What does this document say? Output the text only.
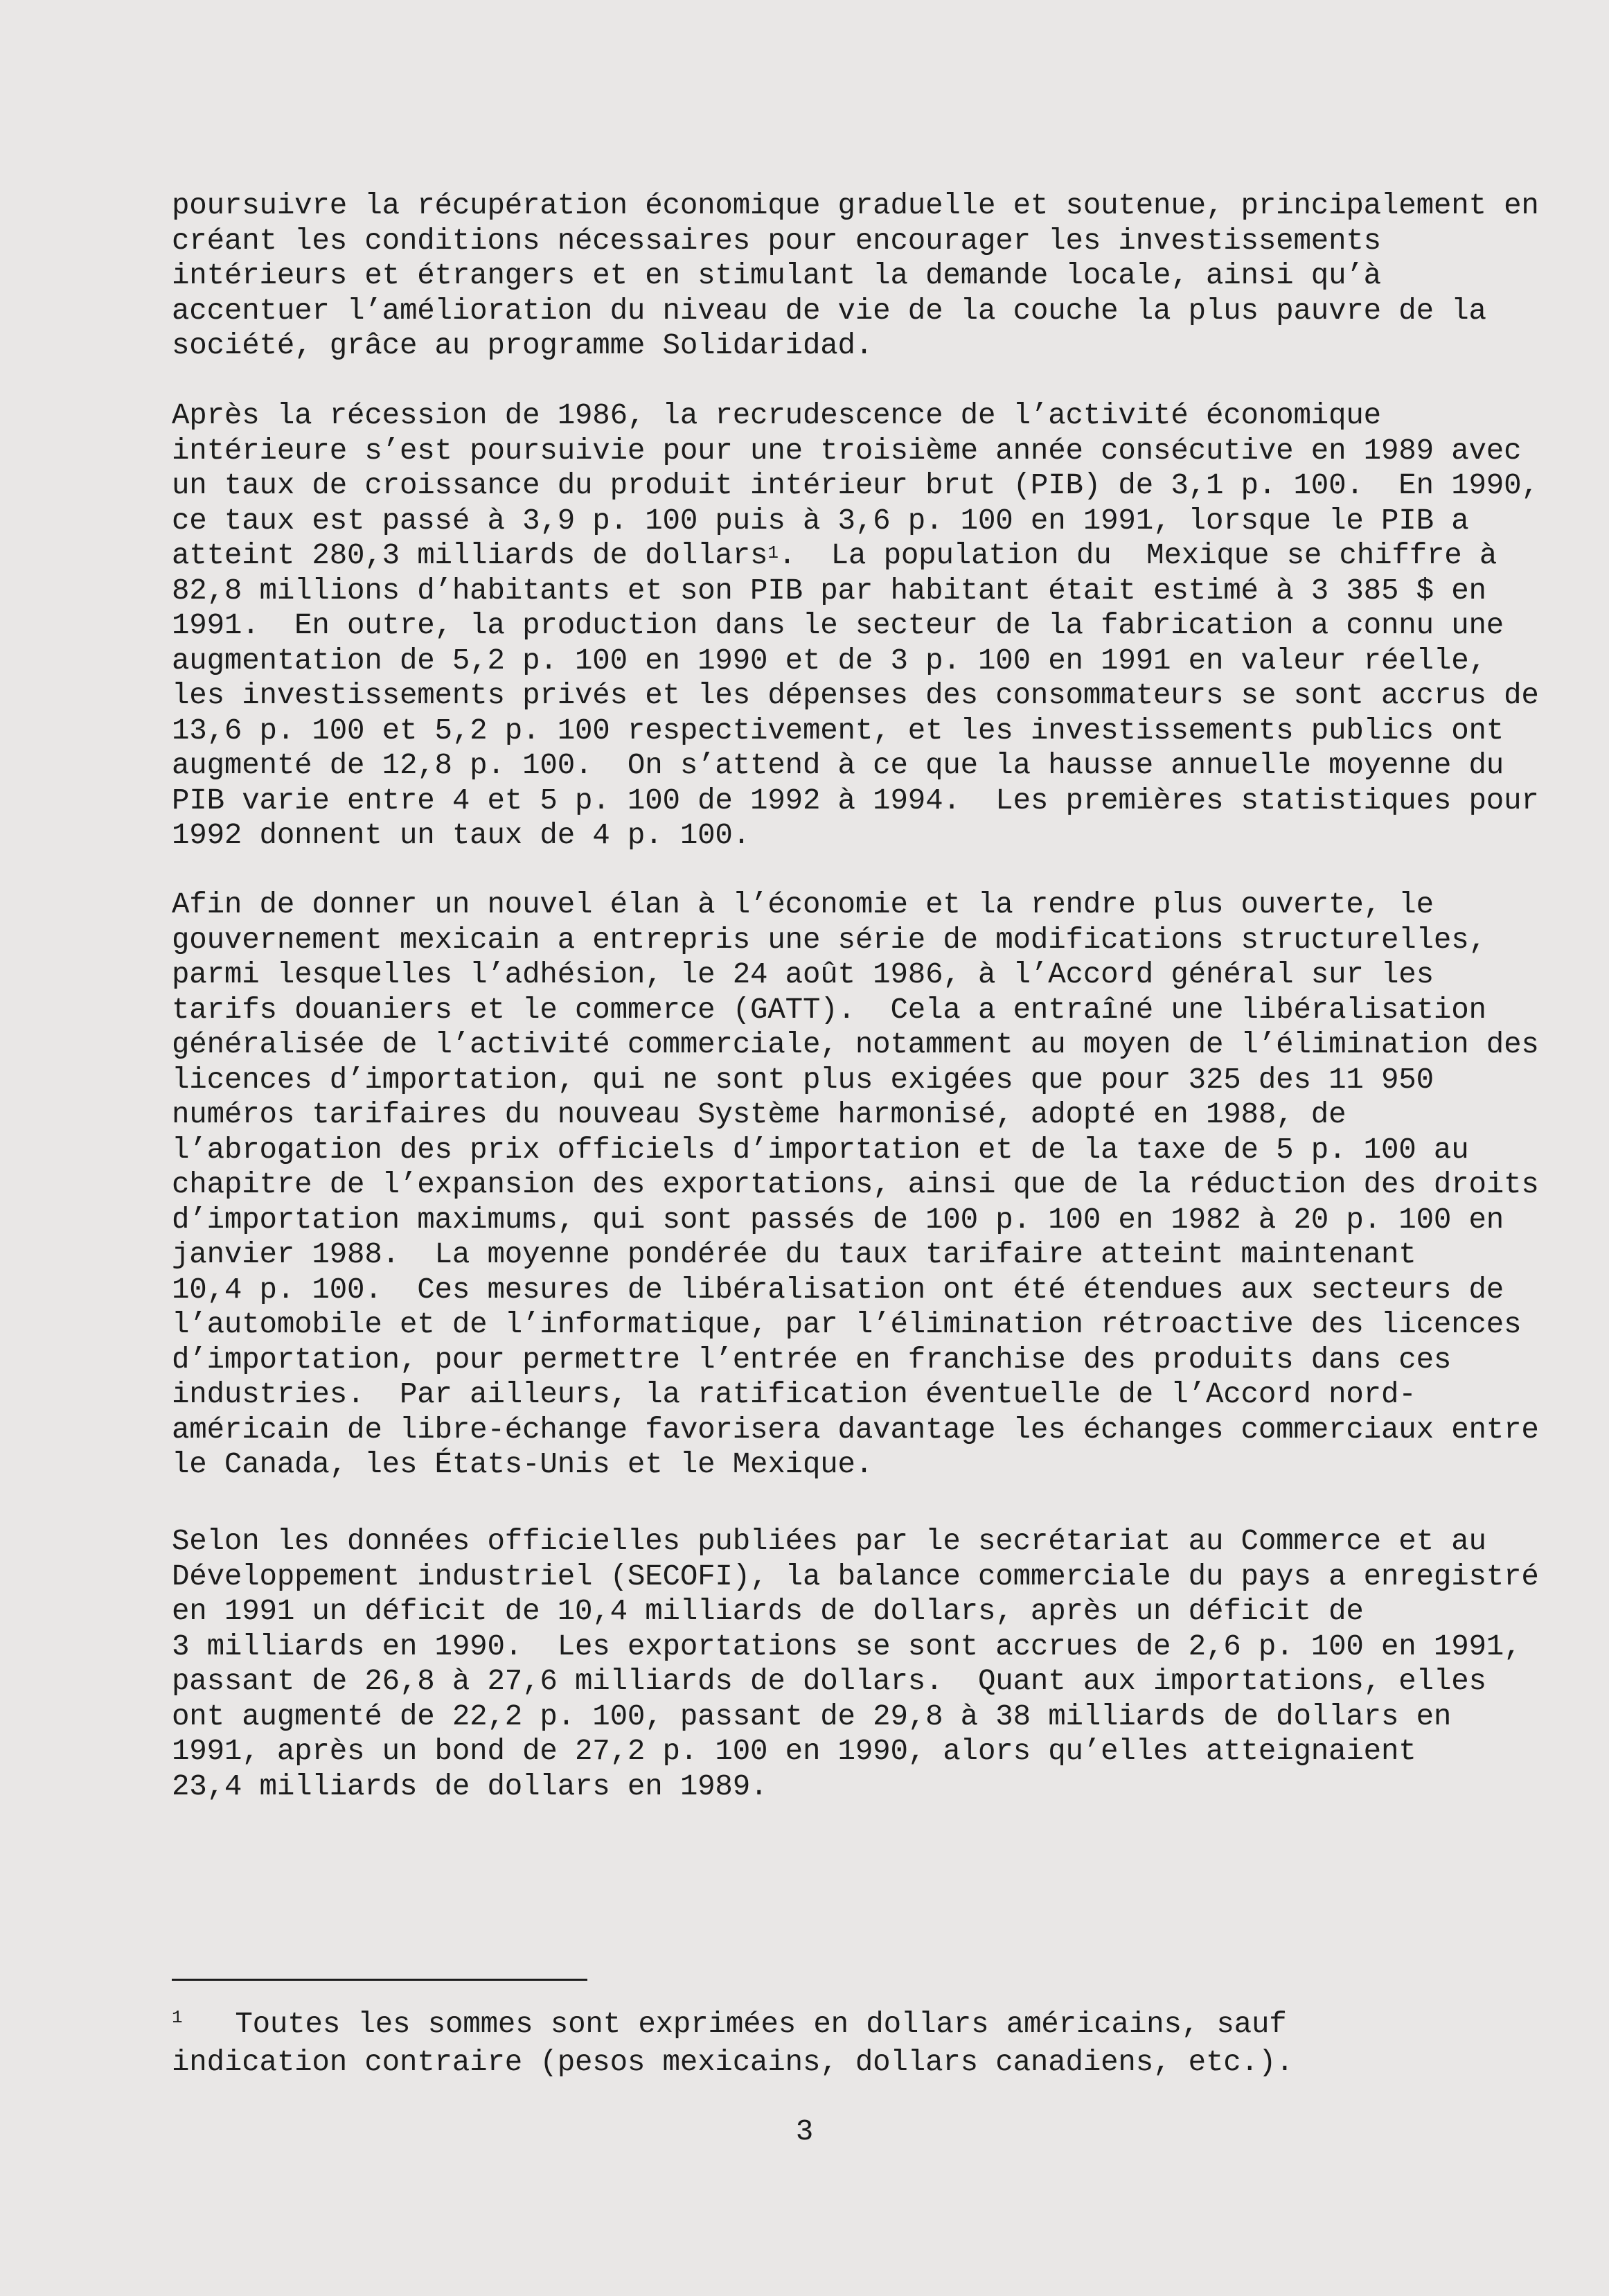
poursuivre la récupération économique graduelle et soutenue, principalement en
créant les conditions nécessaires pour encourager les investissements
intérieurs et étrangers et en stimulant la demande locale, ainsi qu’à
accentuer l’amélioration du niveau de vie de la couche la plus pauvre de la
société, grâce au programme Solidaridad.
Après la récession de 1986, la recrudescence de l’activité économique
intérieure s’est poursuivie pour une troisième année consécutive en 1989 avec
un taux de croissance du produit intérieur brut (PIB) de 3,1 p. 100.  En 1990,
ce taux est passé à 3,9 p. 100 puis à 3,6 p. 100 en 1991, lorsque le PIB a
atteint 280,3 milliards de dollars$^1$.  La population du  Mexique se chiffre à
82,8 millions d’habitants et son PIB par habitant était estimé à 3 385 $ en
1991.  En outre, la production dans le secteur de la fabrication a connu une
augmentation de 5,2 p. 100 en 1990 et de 3 p. 100 en 1991 en valeur réelle,
les investissements privés et les dépenses des consommateurs se sont accrus de
13,6 p. 100 et 5,2 p. 100 respectivement, et les investissements publics ont
augmenté de 12,8 p. 100.  On s’attend à ce que la hausse annuelle moyenne du
PIB varie entre 4 et 5 p. 100 de 1992 à 1994.  Les premières statistiques pour
1992 donnent un taux de 4 p. 100.
Afin de donner un nouvel élan à l’économie et la rendre plus ouverte, le
gouvernement mexicain a entrepris une série de modifications structurelles,
parmi lesquelles l’adhésion, le 24 août 1986, à l’Accord général sur les
tarifs douaniers et le commerce (GATT).  Cela a entraîné une libéralisation
généralisée de l’activité commerciale, notamment au moyen de l’élimination des
licences d’importation, qui ne sont plus exigées que pour 325 des 11 950
numéros tarifaires du nouveau Système harmonisé, adopté en 1988, de
l’abrogation des prix officiels d’importation et de la taxe de 5 p. 100 au
chapitre de l’expansion des exportations, ainsi que de la réduction des droits
d’importation maximums, qui sont passés de 100 p. 100 en 1982 à 20 p. 100 en
janvier 1988.  La moyenne pondérée du taux tarifaire atteint maintenant
10,4 p. 100.  Ces mesures de libéralisation ont été étendues aux secteurs de
l’automobile et de l’informatique, par l’élimination rétroactive des licences
d’importation, pour permettre l’entrée en franchise des produits dans ces
industries.  Par ailleurs, la ratification éventuelle de l’Accord nord-
américain de libre-échange favorisera davantage les échanges commerciaux entre
le Canada, les États-Unis et le Mexique.
Selon les données officielles publiées par le secrétariat au Commerce et au
Développement industriel (SECOFI), la balance commerciale du pays a enregistré
en 1991 un déficit de 10,4 milliards de dollars, après un déficit de
3 milliards en 1990.  Les exportations se sont accrues de 2,6 p. 100 en 1991,
passant de 26,8 à 27,6 milliards de dollars.  Quant aux importations, elles
ont augmenté de 22,2 p. 100, passant de 29,8 à 38 milliards de dollars en
1991, après un bond de 27,2 p. 100 en 1990, alors qu’elles atteignaient
23,4 milliards de dollars en 1989.
$^1$   Toutes les sommes sont exprimées en dollars américains, sauf
indication contraire (pesos mexicains, dollars canadiens, etc.).
3
